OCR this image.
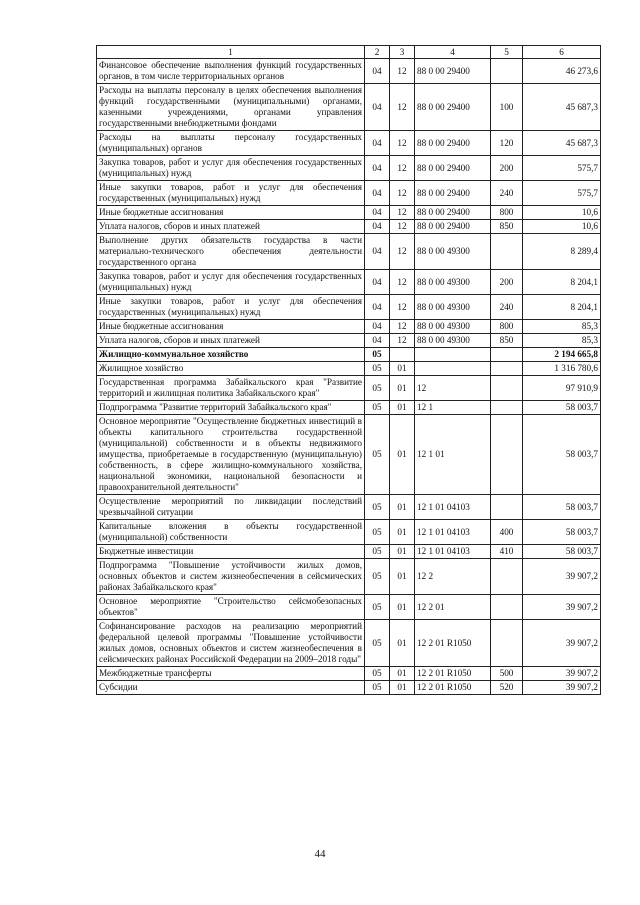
1	2	3	4	5	6
Финансовое обеспечение выполнения функций государственных органов, в том числе территориальных органов	04	12	88 0 00 29400		46 273,6
Расходы на выплаты персоналу в целях обеспечения выполнения функций государственными (муниципальными) органами, казенными учреждениями, органами управления государственными внебюджетными фондами	04	12	88 0 00 29400	100	45 687,3
Расходы на выплаты персоналу государственных (муниципальных) органов	04	12	88 0 00 29400	120	45 687,3
Закупка товаров, работ и услуг для обеспечения государственных (муниципальных) нужд	04	12	88 0 00 29400	200	575,7
Иные закупки товаров, работ и услуг для обеспечения государственных (муниципальных) нужд	04	12	88 0 00 29400	240	575,7
Иные бюджетные ассигнования	04	12	88 0 00 29400	800	10,6
Уплата налогов, сборов и иных платежей	04	12	88 0 00 29400	850	10,6
Выполнение других обязательств государства в части материально-технического обеспечения деятельности государственного органа	04	12	88 0 00 49300		8 289,4
Закупка товаров, работ и услуг для обеспечения государственных (муниципальных) нужд	04	12	88 0 00 49300	200	8 204,1
Иные закупки товаров, работ и услуг для обеспечения государственных (муниципальных) нужд	04	12	88 0 00 49300	240	8 204,1
Иные бюджетные ассигнования	04	12	88 0 00 49300	800	85,3
Уплата налогов, сборов и иных платежей	04	12	88 0 00 49300	850	85,3
Жилищно-коммунальное хозяйство	05				2 194 665,8
Жилищное хозяйство	05	01			1 316 780,6
Государственная программа Забайкальского края "Развитие территорий и жилищная политика Забайкальского края"	05	01	12		97 910,9
Подпрограмма "Развитие территорий Забайкальского края"	05	01	12 1		58 003,7
Основное мероприятие "Осуществление бюджетных инвестиций в объекты капитального строительства государственной (муниципальной) собственности и в объекты недвижимого имущества, приобретаемые в государственную (муниципальную) собственность, в сфере жилищно-коммунального хозяйства, национальной экономики, национальной безопасности и правоохранительной деятельности"	05	01	12 1 01		58 003,7
Осуществление мероприятий по ликвидации последствий чрезвычайной ситуации	05	01	12 1 01 04103		58 003,7
Капитальные вложения в объекты государственной (муниципальной) собственности	05	01	12 1 01 04103	400	58 003,7
Бюджетные инвестиции	05	01	12 1 01 04103	410	58 003,7
Подпрограмма "Повышение устойчивости жилых домов, основных объектов и систем жизнеобеспечения в сейсмических районах Забайкальского края"	05	01	12 2		39 907,2
Основное мероприятие "Строительство сейсмобезопасных объектов"	05	01	12 2 01		39 907,2
Софинансирование расходов на реализацию мероприятий федеральной целевой программы "Повышение устойчивости жилых домов, основных объектов и систем жизнеобеспечения в сейсмических районах Российской Федерации на 2009–2018 годы"	05	01	12 2 01 R1050		39 907,2
Межбюджетные трансферты	05	01	12 2 01 R1050	500	39 907,2
Субсидии	05	01	12 2 01 R1050	520	39 907,2
44
